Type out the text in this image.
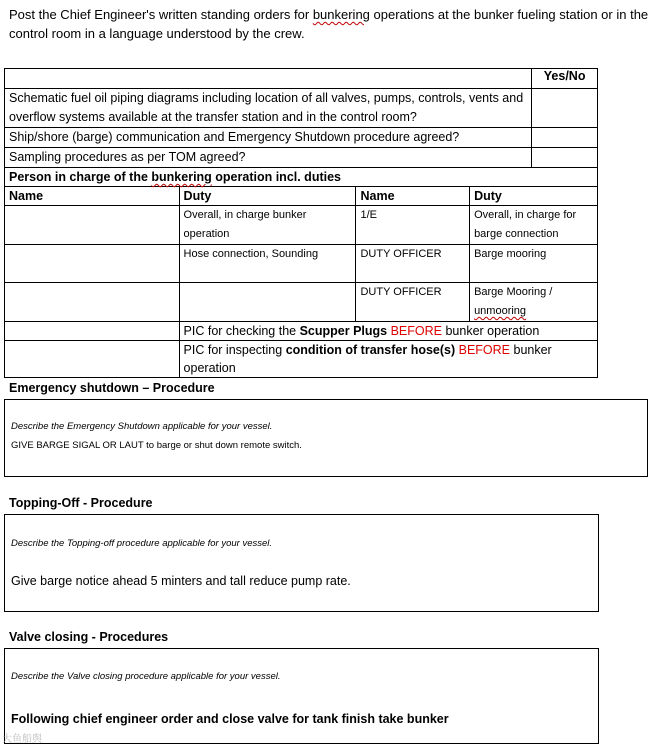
Post the Chief Engineer's written standing orders for bunkering operations at the bunker fueling station or in the control room in a language understood by the crew.
				Yes/No
Schematic fuel oil piping diagrams including location of all valves, pumps, controls, vents and overflow systems available at the transfer station and in the control room?				
Ship/shore (barge) communication and Emergency Shutdown procedure agreed?				
Sampling procedures as per TOM agreed?				
Person in charge of the bunkering operation incl. duties				
Name	Duty	Name	Duty	
	Overall, in charge bunker operation	1/E	Overall, in charge for barge connection	
	Hose connection, Sounding	DUTY OFFICER	Barge mooring	
		DUTY OFFICER	Barge Mooring /
unmooring	
	PIC for checking the Scupper Plugs BEFORE bunker operation			
	PIC for inspecting condition of transfer hose(s) BEFORE bunker operation			
Emergency shutdown – Procedure
Describe the Emergency Shutdown applicable for your vessel.
GIVE BARGE SIGAL OR LAUT to barge or shut down remote switch.
Topping-Off - Procedure
Describe the Topping-off procedure applicable for your vessel.
Give barge notice ahead 5 minters and tall reduce pump rate.
Valve closing - Procedures
Describe the Valve closing procedure applicable for your vessel.
Following chief engineer order and close valve for tank finish take bunker
大鱼船舆
